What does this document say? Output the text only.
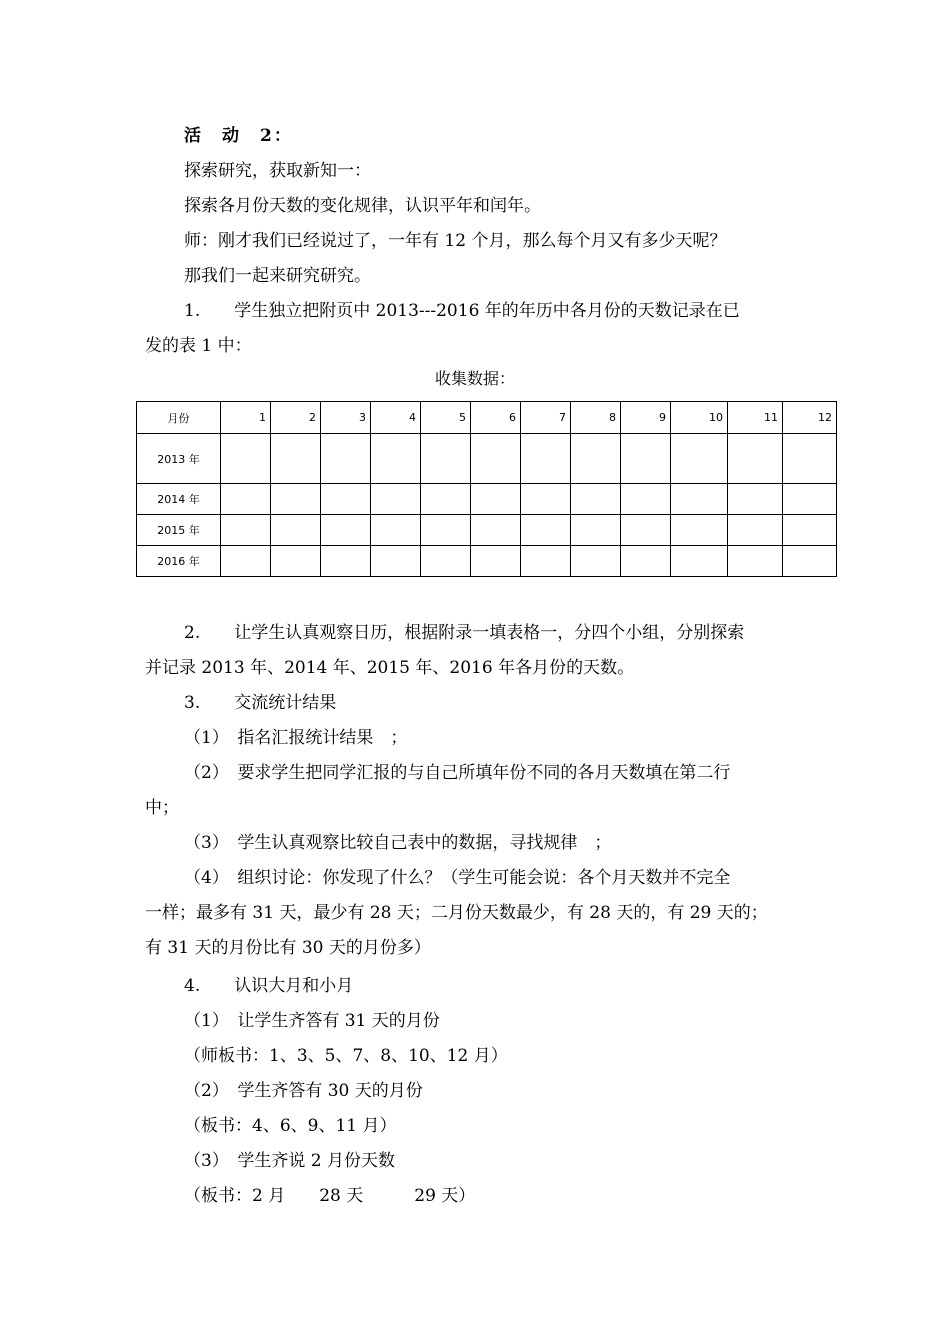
活　动　2：
探索研究，获取新知一：
探索各月份天数的变化规律，认识平年和闰年。
师：刚才我们已经说过了，一年有 12 个月，那么每个月又有多少天呢？
那我们一起来研究研究。
1.　　学生独立把附页中 2013---2016 年的年历中各月份的天数记录在已
发的表 1 中：
收集数据：
月份	1	2	3	4	5	6	7	8	9	10	11	12
2013 年												
2014 年												
2015 年												
2016 年												
2.　　让学生认真观察日历，根据附录一填表格一，分四个小组，分别探索
并记录 2013 年、2014 年、2015 年、2016 年各月份的天数。
3.　　交流统计结果
（1）　指名汇报统计结果　；
（2）　要求学生把同学汇报的与自己所填年份不同的各月天数填在第二行
中；
（3）　学生认真观察比较自己表中的数据，寻找规律　；
（4）　组织讨论：你发现了什么？（学生可能会说：各个月天数并不完全
一样；最多有 31 天，最少有 28 天；二月份天数最少，有 28 天的，有 29 天的；
有 31 天的月份比有 30 天的月份多）
4.　　认识大月和小月
（1）　让学生齐答有 31 天的月份
（师板书：1、3、5、7、8、10、12 月）
（2）　学生齐答有 30 天的月份
（板书：4、6、9、11 月）
（3）　学生齐说 2 月份天数
（板书：2 月　　28 天　　　29 天）
